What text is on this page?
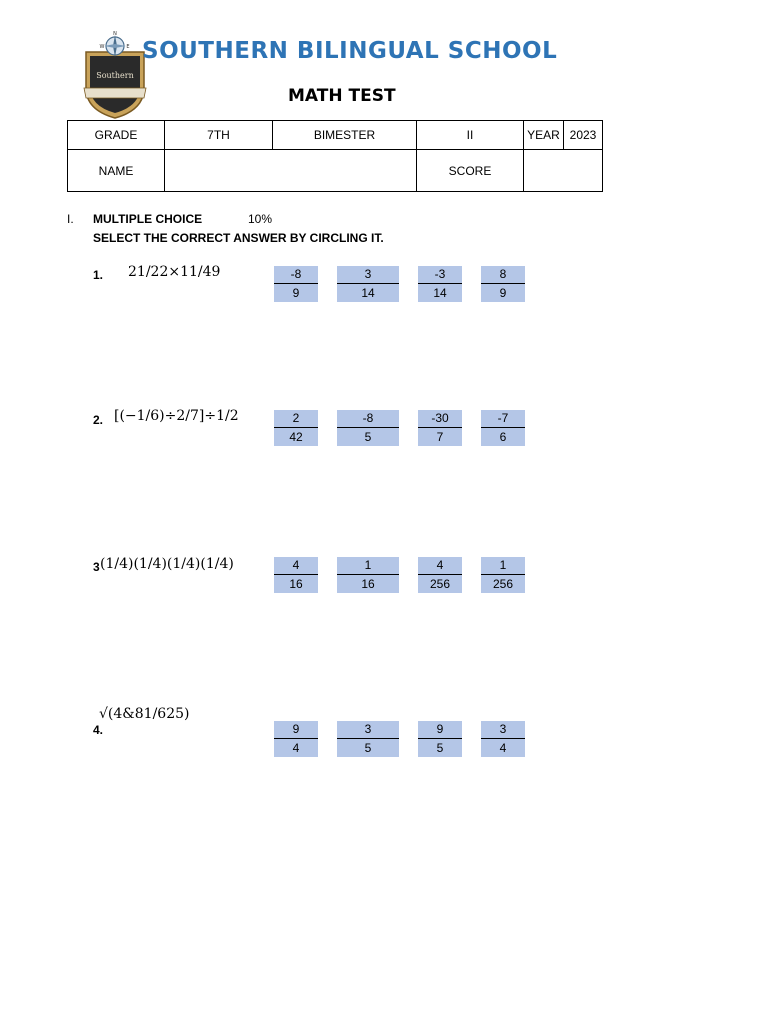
N
W	E
Southern
SOUTHERN BILINGUAL SCHOOL
MATH TEST
GRADE	7TH	BIMESTER	II	YEAR	2023
NAME			SCORE		
I. MULTIPLE CHOICE	10%
SELECT THE CORRECT ANSWER BY CIRCLING IT.
1. 21/22×11/49	$\frac{-8}{9} \frac{3}{14} \frac{-3}{14} \frac{8}{9}$
2. [(−1/6)÷2/7]÷1/2	$\frac{2}{42} \frac{-8}{5} \frac{-30}{7} \frac{-7}{6}$
3 (1/4)(1/4)(1/4)(1/4)	$\frac{4}{16} \frac{1}{16} \frac{4}{256} \frac{1}{256}$
4.
√(4&81/625)
$\frac{9}{4} \frac{3}{5} \frac{9}{5} \frac{3}{4}$
